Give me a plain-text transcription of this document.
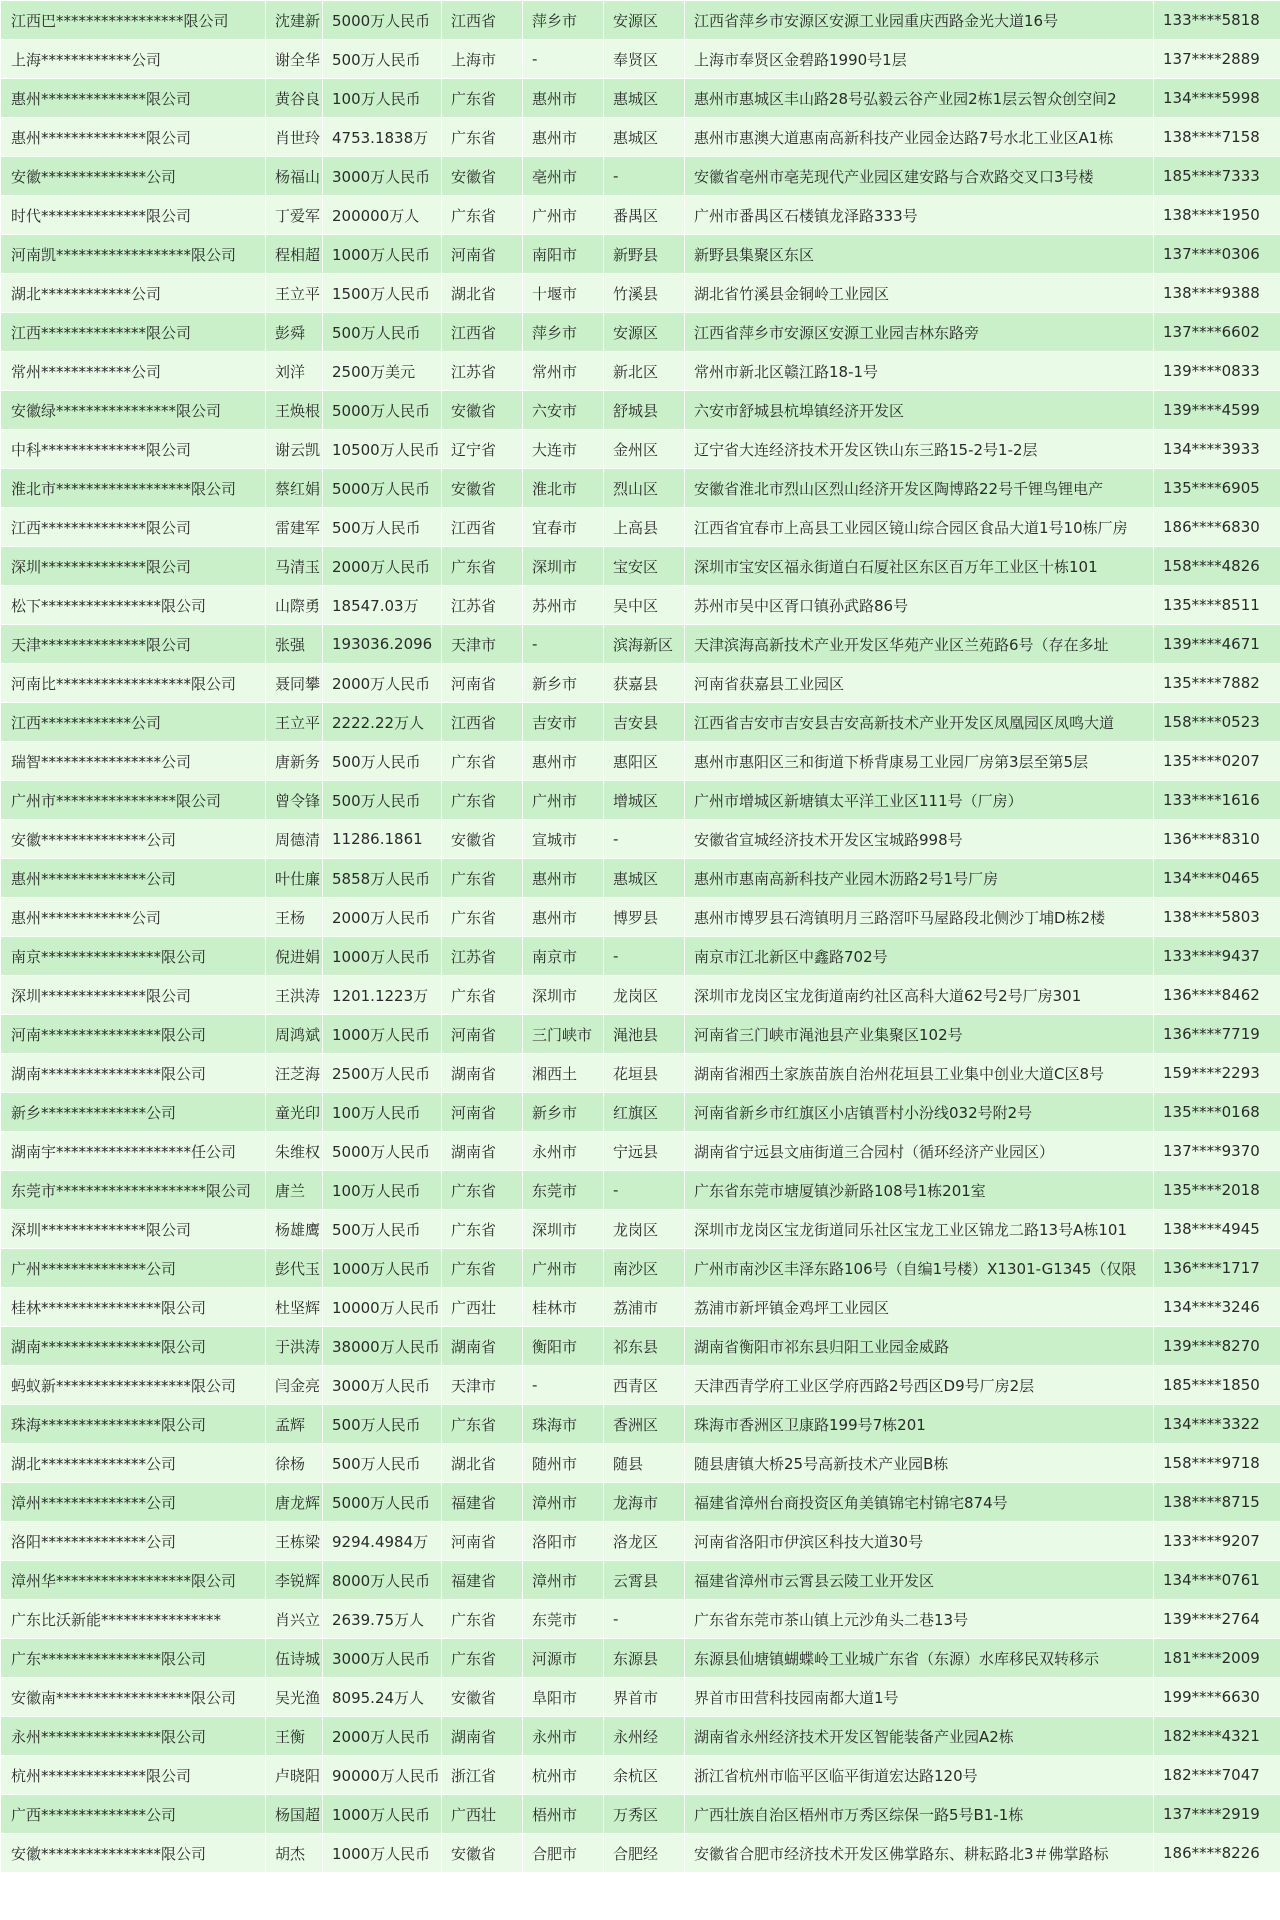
江西巴*****************限公司	沈建新	5000万人民币	江西省	萍乡市	安源区	江西省萍乡市安源区安源工业园重庆西路金光大道16号	133****5818
上海************公司	谢全华	500万人民币	上海市	-	奉贤区	上海市奉贤区金碧路1990号1层	137****2889
惠州**************限公司	黄谷良	100万人民币	广东省	惠州市	惠城区	惠州市惠城区丰山路28号弘毅云谷产业园2栋1层云智众创空间2	134****5998
惠州**************限公司	肖世玲	4753.1838万	广东省	惠州市	惠城区	惠州市惠澳大道惠南高新科技产业园金达路7号水北工业区A1栋	138****7158
安徽**************公司	杨福山	3000万人民币	安徽省	亳州市	-	安徽省亳州市亳芜现代产业园区建安路与合欢路交叉口3号楼	185****7333
时代**************限公司	丁爱军	200000万人	广东省	广州市	番禺区	广州市番禺区石楼镇龙泽路333号	138****1950
河南凯******************限公司	程相超	1000万人民币	河南省	南阳市	新野县	新野县集聚区东区	137****0306
湖北************公司	王立平	1500万人民币	湖北省	十堰市	竹溪县	湖北省竹溪县金铜岭工业园区	138****9388
江西**************限公司	彭舜	500万人民币	江西省	萍乡市	安源区	江西省萍乡市安源区安源工业园吉林东路旁	137****6602
常州************公司	刘洋	2500万美元	江苏省	常州市	新北区	常州市新北区赣江路18-1号	139****0833
安徽绿****************限公司	王焕根	5000万人民币	安徽省	六安市	舒城县	六安市舒城县杭埠镇经济开发区	139****4599
中科**************限公司	谢云凯	10500万人民币	辽宁省	大连市	金州区	辽宁省大连经济技术开发区铁山东三路15-2号1-2层	134****3933
淮北市******************限公司	蔡红娟	5000万人民币	安徽省	淮北市	烈山区	安徽省淮北市烈山区烈山经济开发区陶博路22号千锂鸟锂电产	135****6905
江西**************限公司	雷建军	500万人民币	江西省	宜春市	上高县	江西省宜春市上高县工业园区镜山综合园区食品大道1号10栋厂房	186****6830
深圳**************限公司	马清玉	2000万人民币	广东省	深圳市	宝安区	深圳市宝安区福永街道白石厦社区东区百万年工业区十栋101	158****4826
松下****************限公司	山際勇	18547.03万	江苏省	苏州市	吴中区	苏州市吴中区胥口镇孙武路86号	135****8511
天津**************限公司	张强	193036.2096	天津市	-	滨海新区	天津滨海高新技术产业开发区华苑产业区兰苑路6号（存在多址	139****4671
河南比******************限公司	聂同攀	2000万人民币	河南省	新乡市	获嘉县	河南省获嘉县工业园区	135****7882
江西************公司	王立平	2222.22万人	江西省	吉安市	吉安县	江西省吉安市吉安县吉安高新技术产业开发区凤凰园区凤鸣大道	158****0523
瑞智****************公司	唐新务	500万人民币	广东省	惠州市	惠阳区	惠州市惠阳区三和街道下桥背康易工业园厂房第3层至第5层	135****0207
广州市****************限公司	曾令锋	500万人民币	广东省	广州市	增城区	广州市增城区新塘镇太平洋工业区111号（厂房）	133****1616
安徽**************公司	周德清	11286.1861	安徽省	宣城市	-	安徽省宣城经济技术开发区宝城路998号	136****8310
惠州**************公司	叶仕廉	5858万人民币	广东省	惠州市	惠城区	惠州市惠南高新科技产业园木沥路2号1号厂房	134****0465
惠州************公司	王杨	2000万人民币	广东省	惠州市	博罗县	惠州市博罗县石湾镇明月三路滘吓马屋路段北侧沙丁埔D栋2楼	138****5803
南京****************限公司	倪进娟	1000万人民币	江苏省	南京市	-	南京市江北新区中鑫路702号	133****9437
深圳**************限公司	王洪涛	1201.1223万	广东省	深圳市	龙岗区	深圳市龙岗区宝龙街道南约社区高科大道62号2号厂房301	136****8462
河南****************限公司	周鸿斌	1000万人民币	河南省	三门峡市	渑池县	河南省三门峡市渑池县产业集聚区102号	136****7719
湖南****************限公司	汪芝海	2500万人民币	湖南省	湘西土	花垣县	湖南省湘西土家族苗族自治州花垣县工业集中创业大道C区8号	159****2293
新乡**************公司	童光印	100万人民币	河南省	新乡市	红旗区	河南省新乡市红旗区小店镇晋村小汾线032号附2号	135****0168
湖南宇******************任公司	朱维权	5000万人民币	湖南省	永州市	宁远县	湖南省宁远县文庙街道三合园村（循环经济产业园区）	137****9370
东莞市********************限公司	唐兰	100万人民币	广东省	东莞市	-	广东省东莞市塘厦镇沙新路108号1栋201室	135****2018
深圳**************限公司	杨雄鹰	500万人民币	广东省	深圳市	龙岗区	深圳市龙岗区宝龙街道同乐社区宝龙工业区锦龙二路13号A栋101	138****4945
广州**************公司	彭代玉	1000万人民币	广东省	广州市	南沙区	广州市南沙区丰泽东路106号（自编1号楼）X1301-G1345（仅限	136****1717
桂林****************限公司	杜坚辉	10000万人民币	广西壮	桂林市	荔浦市	荔浦市新坪镇金鸡坪工业园区	134****3246
湖南****************限公司	于洪涛	38000万人民币	湖南省	衡阳市	祁东县	湖南省衡阳市祁东县归阳工业园金威路	139****8270
蚂蚁新******************限公司	闫金亮	3000万人民币	天津市	-	西青区	天津西青学府工业区学府西路2号西区D9号厂房2层	185****1850
珠海****************限公司	孟辉	500万人民币	广东省	珠海市	香洲区	珠海市香洲区卫康路199号7栋201	134****3322
湖北**************公司	徐杨	500万人民币	湖北省	随州市	随县	随县唐镇大桥25号高新技术产业园B栋	158****9718
漳州**************公司	唐龙辉	5000万人民币	福建省	漳州市	龙海市	福建省漳州台商投资区角美镇锦宅村锦宅874号	138****8715
洛阳**************公司	王栋梁	9294.4984万	河南省	洛阳市	洛龙区	河南省洛阳市伊滨区科技大道30号	133****9207
漳州华******************限公司	李锐辉	8000万人民币	福建省	漳州市	云霄县	福建省漳州市云霄县云陵工业开发区	134****0761
广东比沃新能****************	肖兴立	2639.75万人	广东省	东莞市	-	广东省东莞市茶山镇上元沙角头二巷13号	139****2764
广东****************限公司	伍诗城	3000万人民币	广东省	河源市	东源县	东源县仙塘镇蝴蝶岭工业城广东省（东源）水库移民双转移示	181****2009
安徽南******************限公司	吴光渔	8095.24万人	安徽省	阜阳市	界首市	界首市田营科技园南都大道1号	199****6630
永州****************限公司	王衡	2000万人民币	湖南省	永州市	永州经	湖南省永州经济技术开发区智能装备产业园A2栋	182****4321
杭州**************限公司	卢晓阳	90000万人民币	浙江省	杭州市	余杭区	浙江省杭州市临平区临平街道宏达路120号	182****7047
广西**************公司	杨国超	1000万人民币	广西壮	梧州市	万秀区	广西壮族自治区梧州市万秀区综保一路5号B1-1栋	137****2919
安徽****************限公司	胡杰	1000万人民币	安徽省	合肥市	合肥经	安徽省合肥市经济技术开发区佛掌路东、耕耘路北3＃佛掌路标	186****8226
